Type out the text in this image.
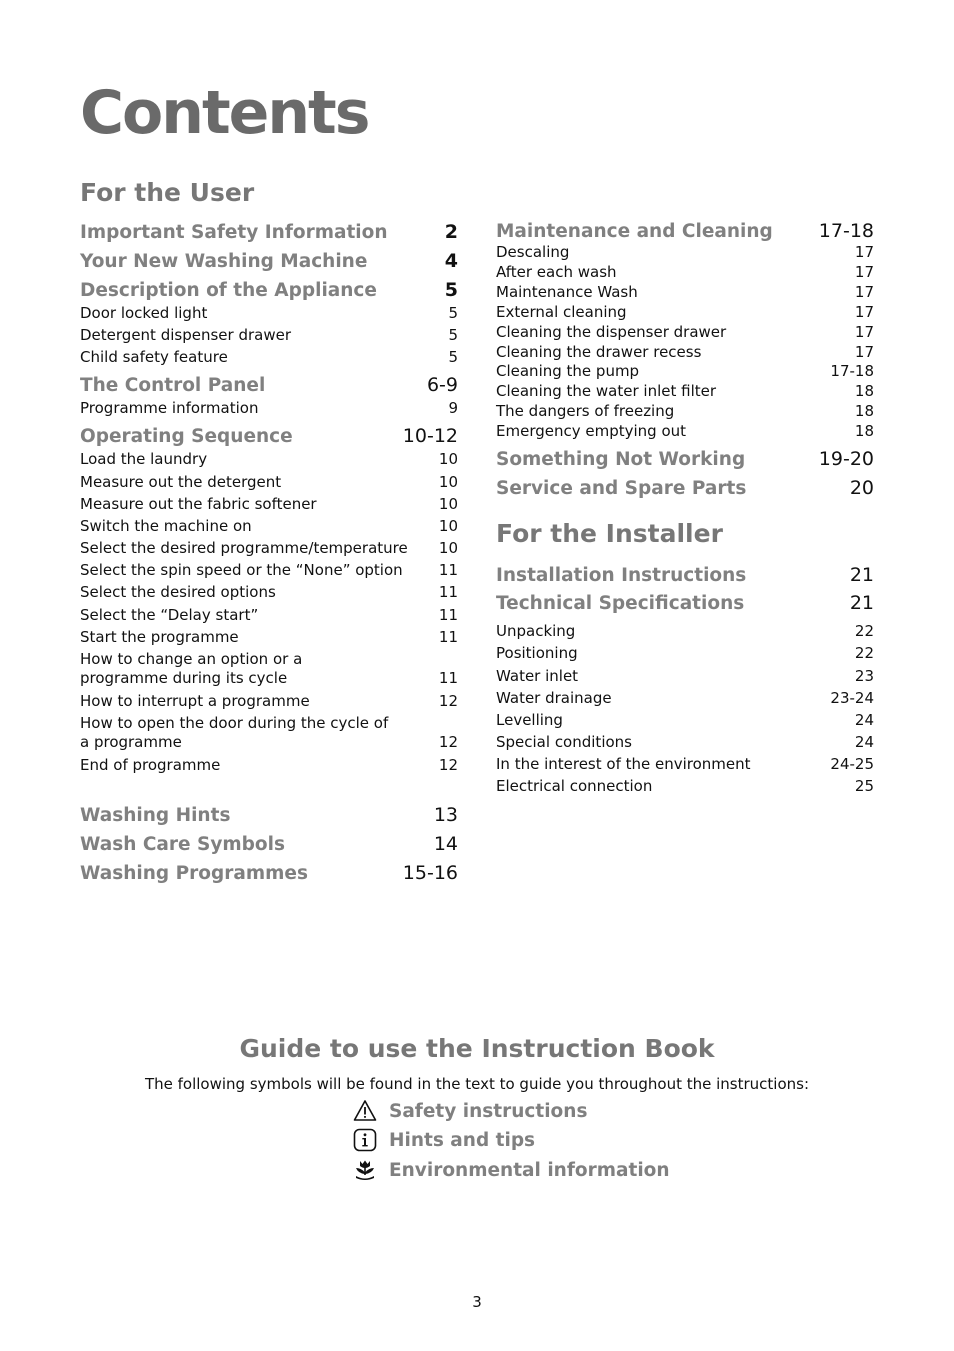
Contents
For the User
Important Safety Information	2
Your New Washing Machine	4
Description of the Appliance	5
Door locked light	5
Detergent dispenser drawer	5
Child safety feature	5
The Control Panel	6-9
Programme information	9
Operating Sequence	10-12
Load the laundry	10
Measure out the detergent	10
Measure out the fabric softener	10
Switch the machine on	10
Select the desired programme/temperature 10
Select the spin speed or the “None” option 11
Select the desired options	11
Select the “Delay start”	11
Start the programme	11
How to change an option or a programme during its cycle	11
How to interrupt a programme	12
How to open the door during the cycle of a programme	12
End of programme	12
Washing Hints	13
Wash Care Symbols	14
Washing Programmes	15-16
Maintenance and Cleaning 17-18
Descaling	17
After each wash	17
Maintenance Wash	17
External cleaning	17
Cleaning the dispenser drawer	17
Cleaning the drawer recess	17
Cleaning the pump	17-18
Cleaning the water inlet filter	18
The dangers of freezing	18
Emergency emptying out	18
Something Not Working	19-20
Service and Spare Parts	20
For the Installer
Installation Instructions	21
Technical Specifications	21
Unpacking	22
Positioning	22
Water inlet	23
Water drainage	23-24
Levelling	24
Special conditions	24
In the interest of the environment	24-25
Electrical connection	25
Guide to use the Instruction Book
The following symbols will be found in the text to guide you throughout the instructions:
Safety instructions
Hints and tips
Environmental information
3
